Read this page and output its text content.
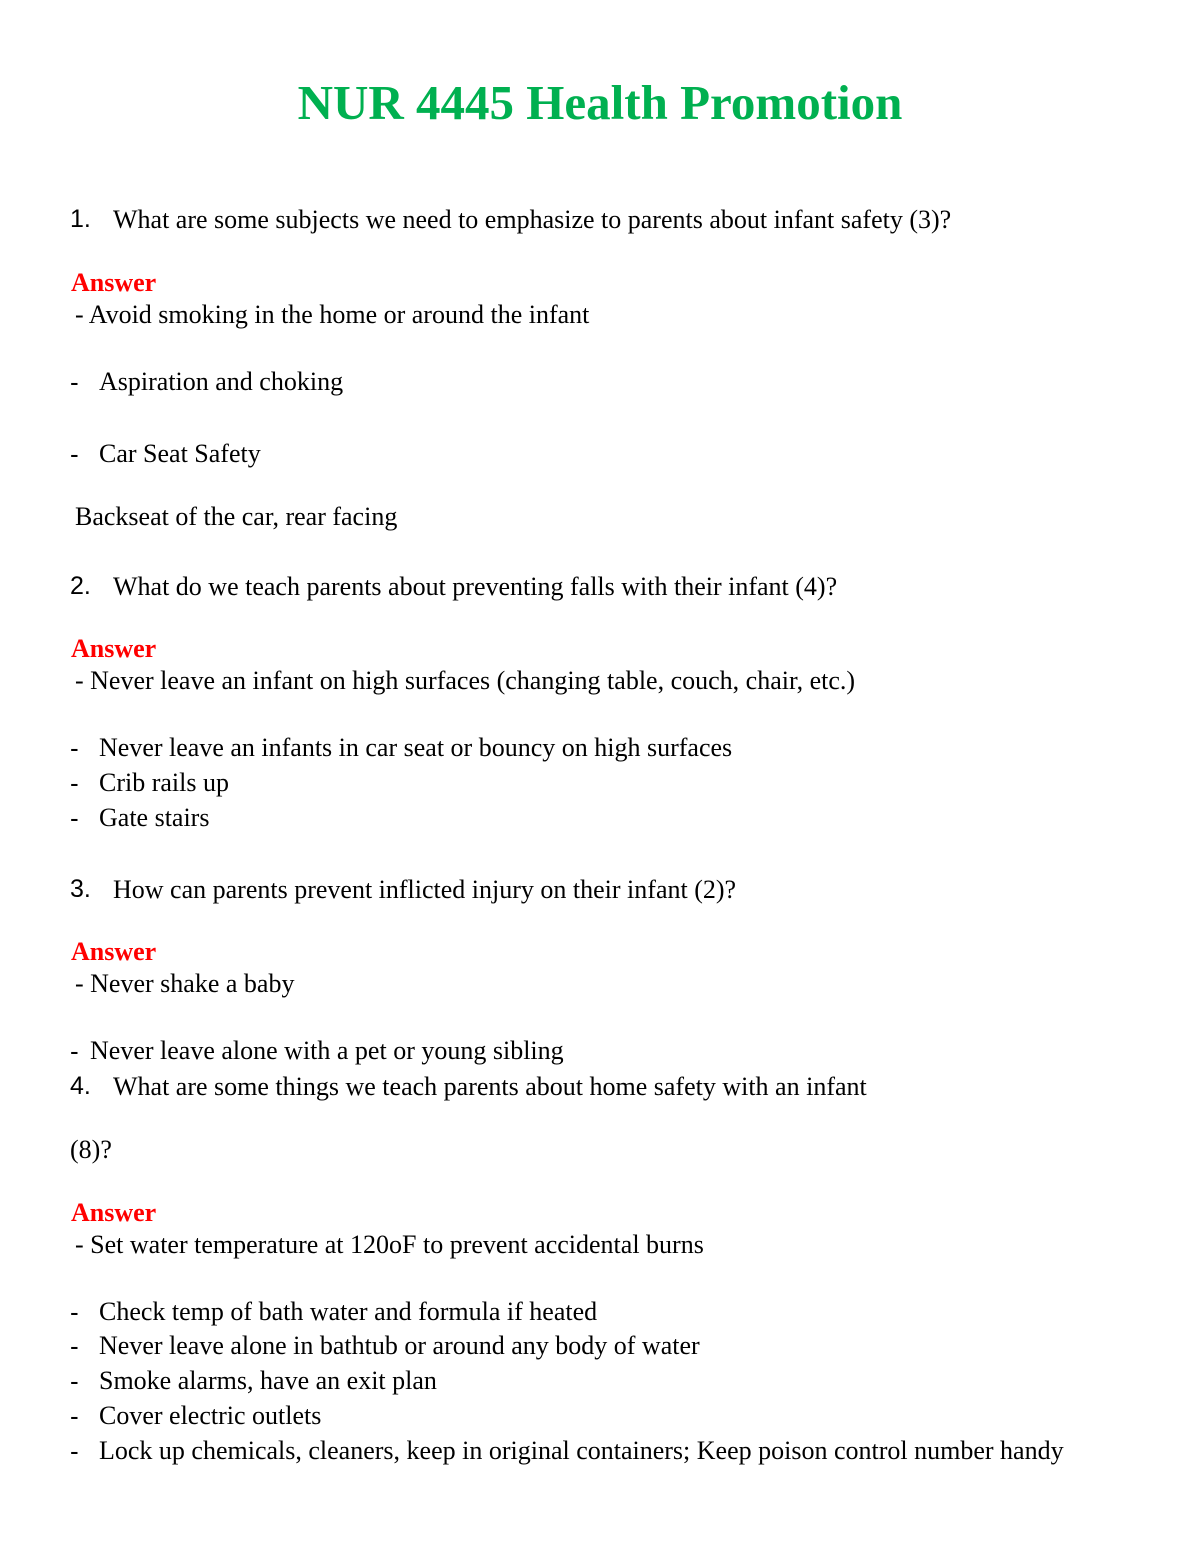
NUR 4445 Health Promotion
1. What are some subjects we need to emphasize to parents about infant safety (3)?
Answer
- Avoid smoking in the home or around the infant
- Aspiration and choking
- Car Seat Safety
Backseat of the car, rear facing
2. What do we teach parents about preventing falls with their infant (4)?
Answer
- Never leave an infant on high surfaces (changing table, couch, chair, etc.)
- Never leave an infants in car seat or bouncy on high surfaces
- Crib rails up
- Gate stairs
3. How can parents prevent inflicted injury on their infant (2)?
Answer
- Never shake a baby
- Never leave alone with a pet or young sibling
4. What are some things we teach parents about home safety with an infant
(8)?
Answer
- Set water temperature at 120oF to prevent accidental burns
- Check temp of bath water and formula if heated
- Never leave alone in bathtub or around any body of water
- Smoke alarms, have an exit plan
- Cover electric outlets
- Lock up chemicals, cleaners, keep in original containers; Keep poison control number handy
